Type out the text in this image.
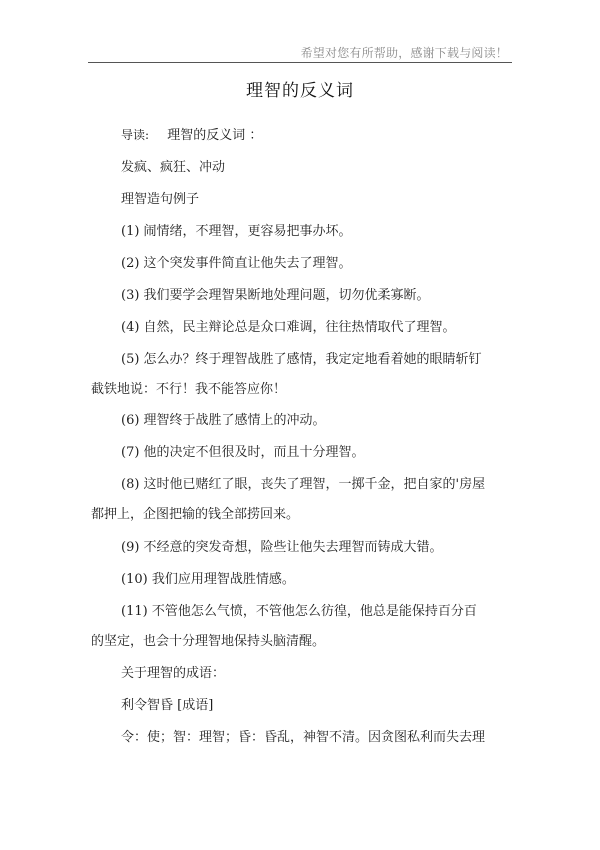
希望对您有所帮助，感谢下载与阅读！
理智的反义词
导读: 理智的反义词 ：
发疯、疯狂、冲动
理智造句例子
(1) 闹情绪，不理智，更容易把事办坏。
(2) 这个突发事件简直让他失去了理智。
(3) 我们要学会理智果断地处理问题，切勿优柔寡断。
(4) 自然，民主辩论总是众口难调，往往热情取代了理智。
(5) 怎么办？终于理智战胜了感情，我定定地看着她的眼睛斩钉
截铁地说：不行！我不能答应你！
(6) 理智终于战胜了感情上的冲动。
(7) 他的决定不但很及时，而且十分理智。
(8) 这时他已赌红了眼，丧失了理智，一掷千金，把自家的'房屋
都押上，企图把输的钱全部捞回来。
(9) 不经意的突发奇想，险些让他失去理智而铸成大错。
(10) 我们应用理智战胜情感。
(11) 不管他怎么气愤，不管他怎么彷徨，他总是能保持百分百
的坚定，也会十分理智地保持头脑清醒。
关于理智的成语：
利令智昏 [成语]
令：使；智：理智；昏：昏乱，神智不清。因贪图私利而失去理
